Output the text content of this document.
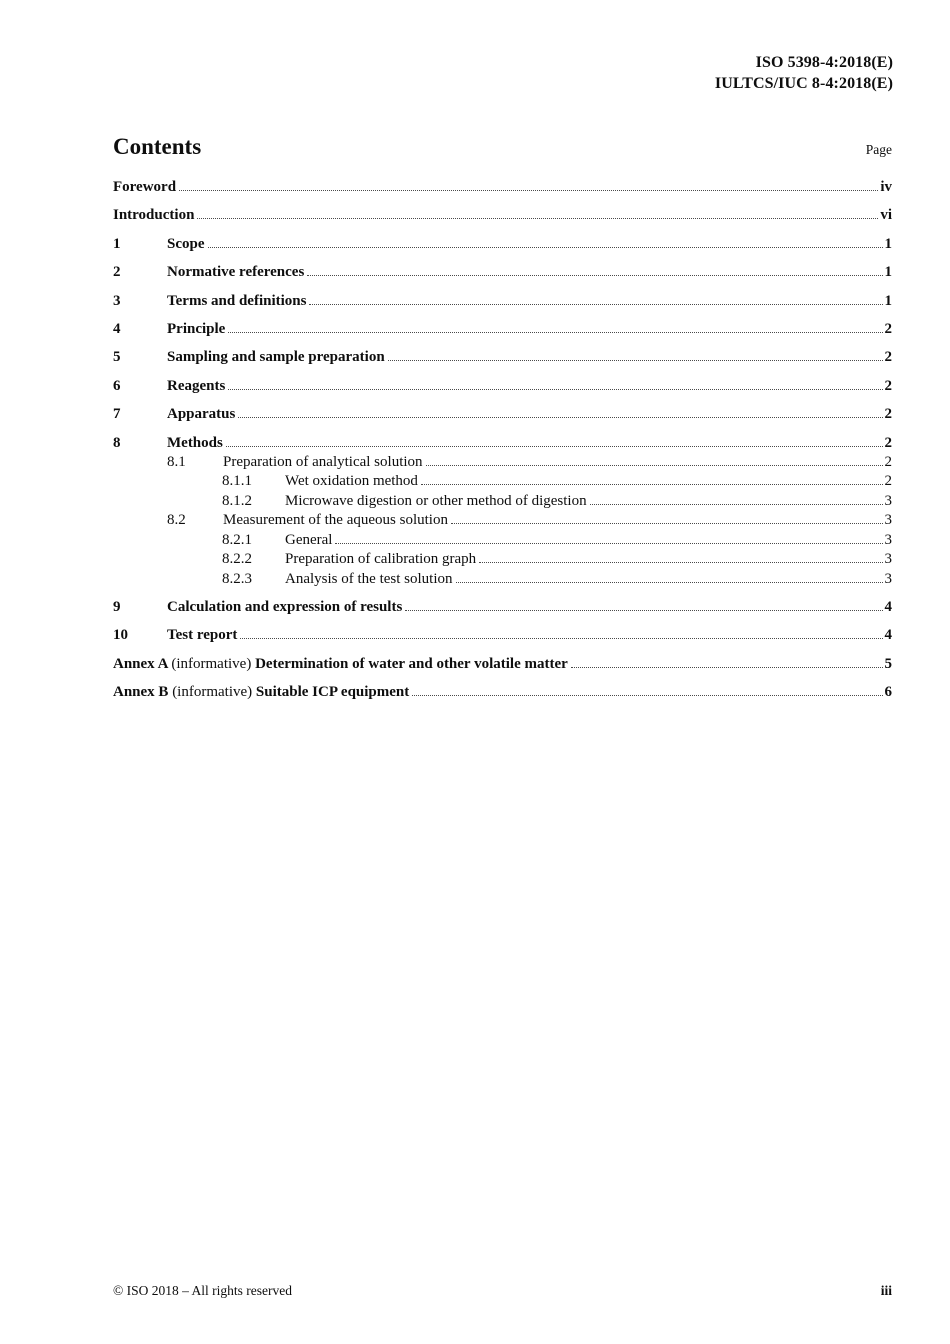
ISO 5398-4:2018(E)
IULTCS/IUC 8-4:2018(E)
Contents	Page
Foreword	iv
Introduction	vi
1	Scope	1
2	Normative references	1
3	Terms and definitions	1
4	Principle	2
5	Sampling and sample preparation	2
6	Reagents	2
7	Apparatus	2
8	Methods	2
8.1	Preparation of analytical solution	2
8.1.1	Wet oxidation method	2
8.1.2	Microwave digestion or other method of digestion	3
8.2	Measurement of the aqueous solution	3
8.2.1	General	3
8.2.2	Preparation of calibration graph	3
8.2.3	Analysis of the test solution	3
9	Calculation and expression of results	4
10	Test report	4
Annex A (informative) Determination of water and other volatile matter	5
Annex B (informative) Suitable ICP equipment	6
© ISO 2018 – All rights reserved	iii
